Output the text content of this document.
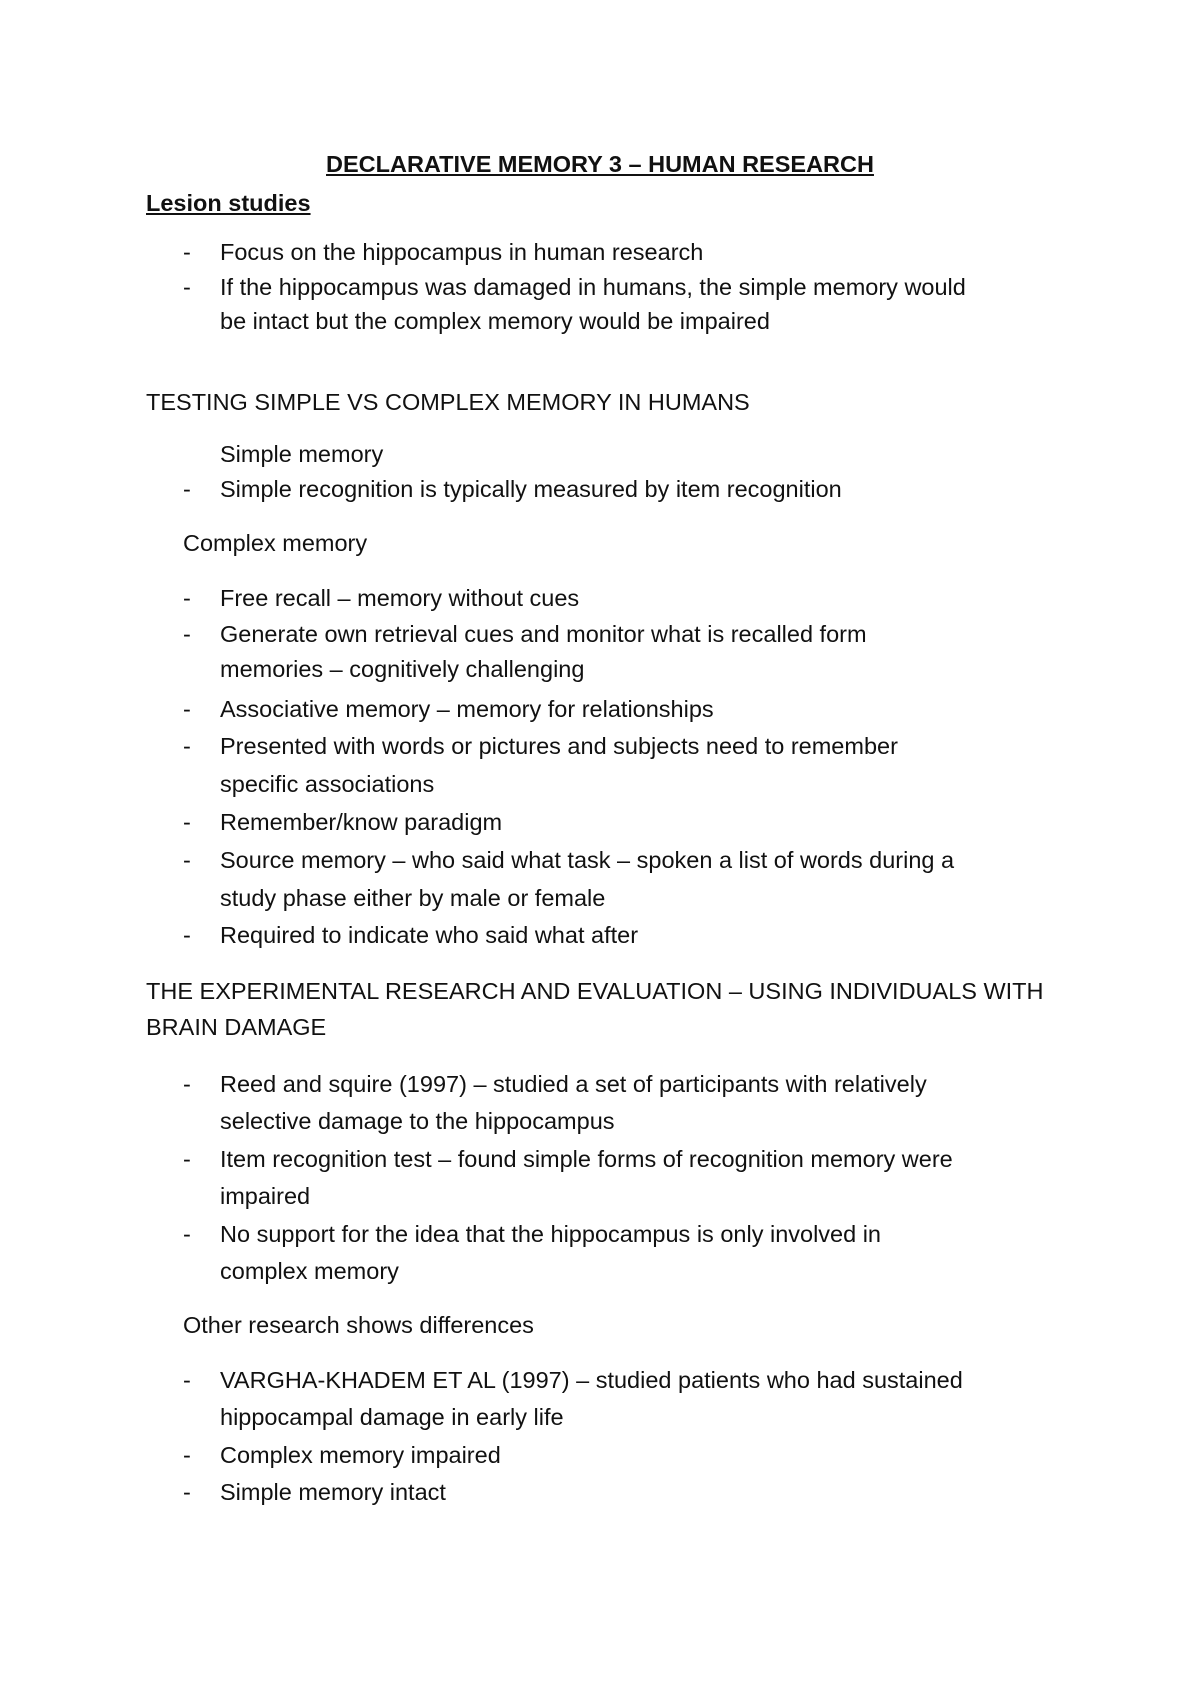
DECLARATIVE MEMORY 3 – HUMAN RESEARCH
Lesion studies
- Focus on the hippocampus in human research
- If the hippocampus was damaged in humans, the simple memory would
be intact but the complex memory would be impaired
TESTING SIMPLE VS COMPLEX MEMORY IN HUMANS
Simple memory
- Simple recognition is typically measured by item recognition
Complex memory
- Free recall – memory without cues
- Generate own retrieval cues and monitor what is recalled form
memories – cognitively challenging
- Associative memory – memory for relationships
- Presented with words or pictures and subjects need to remember
specific associations
- Remember/know paradigm
- Source memory – who said what task – spoken a list of words during a
study phase either by male or female
- Required to indicate who said what after
THE EXPERIMENTAL RESEARCH AND EVALUATION – USING INDIVIDUALS WITH
BRAIN DAMAGE
- Reed and squire (1997) – studied a set of participants with relatively
selective damage to the hippocampus
- Item recognition test – found simple forms of recognition memory were
impaired
- No support for the idea that the hippocampus is only involved in
complex memory
Other research shows differences
- VARGHA-KHADEM ET AL (1997) – studied patients who had sustained
hippocampal damage in early life
- Complex memory impaired
- Simple memory intact
